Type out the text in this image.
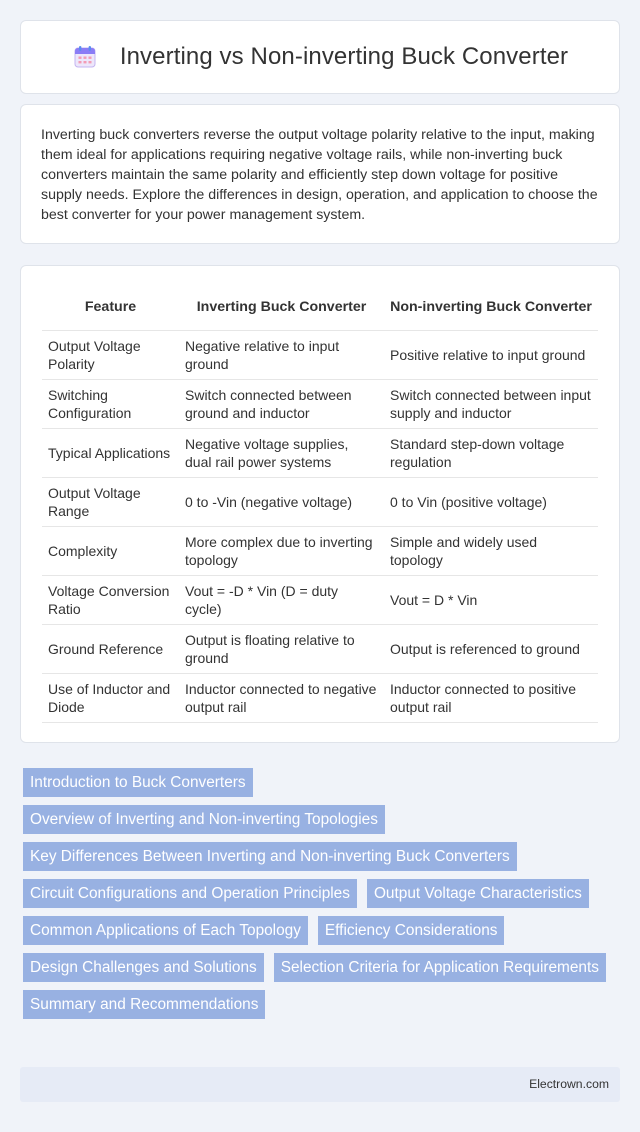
Inverting vs Non-inverting Buck Converter

Inverting buck converters reverse the output voltage polarity relative to the input, making them ideal for applications requiring negative voltage rails, while non-inverting buck converters maintain the same polarity and efficiently step down voltage for positive supply needs. Explore the differences in design, operation, and application to choose the best converter for your power management system.

Feature	Inverting Buck Converter	Non-inverting Buck Converter
Output Voltage Polarity	Negative relative to input ground	Positive relative to input ground
Switching Configuration	Switch connected between ground and inductor	Switch connected between input supply and inductor
Typical Applications	Negative voltage supplies, dual rail power systems	Standard step-down voltage regulation
Output Voltage Range	0 to -Vin (negative voltage)	0 to Vin (positive voltage)
Complexity	More complex due to inverting topology	Simple and widely used topology
Voltage Conversion Ratio	Vout = -D * Vin (D = duty cycle)	Vout = D * Vin
Ground Reference	Output is floating relative to ground	Output is referenced to ground
Use of Inductor and Diode	Inductor connected to negative output rail	Inductor connected to positive output rail
Introduction to Buck Converters
Overview of Inverting and Non-inverting Topologies
Key Differences Between Inverting and Non-inverting Buck Converters
Circuit Configurations and Operation Principles	Output Voltage Characteristics
Common Applications of Each Topology	Efficiency Considerations
Design Challenges and Solutions	Selection Criteria for Application Requirements
Summary and Recommendations
Electrown.com
